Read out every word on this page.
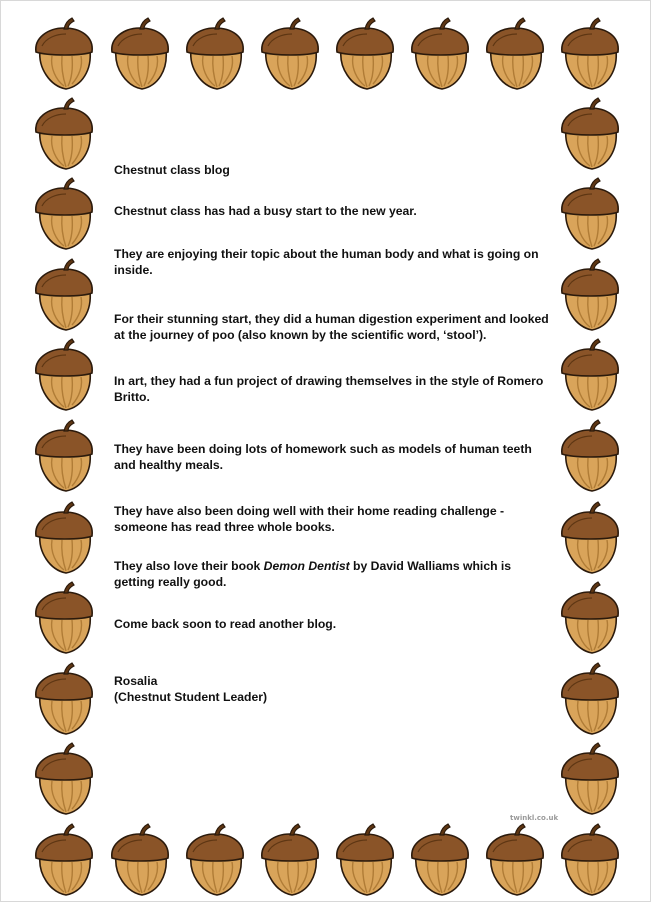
Chestnut class blog

Chestnut class has had a busy start to the new year.

They are enjoying their topic about the human body and what is going on inside.

For their stunning start, they did a human digestion experiment and looked at the journey of poo (also known by the scientific word, ‘stool’).

In art, they had a fun project of drawing themselves in the style of Romero Britto.

They have been doing lots of homework such as models of human teeth and healthy meals.

They have also been doing well with their home reading challenge - someone has read three whole books.

They also love their book Demon Dentist by David Walliams which is getting really good.

Come back soon to read another blog.

Rosalia

(Chestnut Student Leader)

twinkl.co.uk
